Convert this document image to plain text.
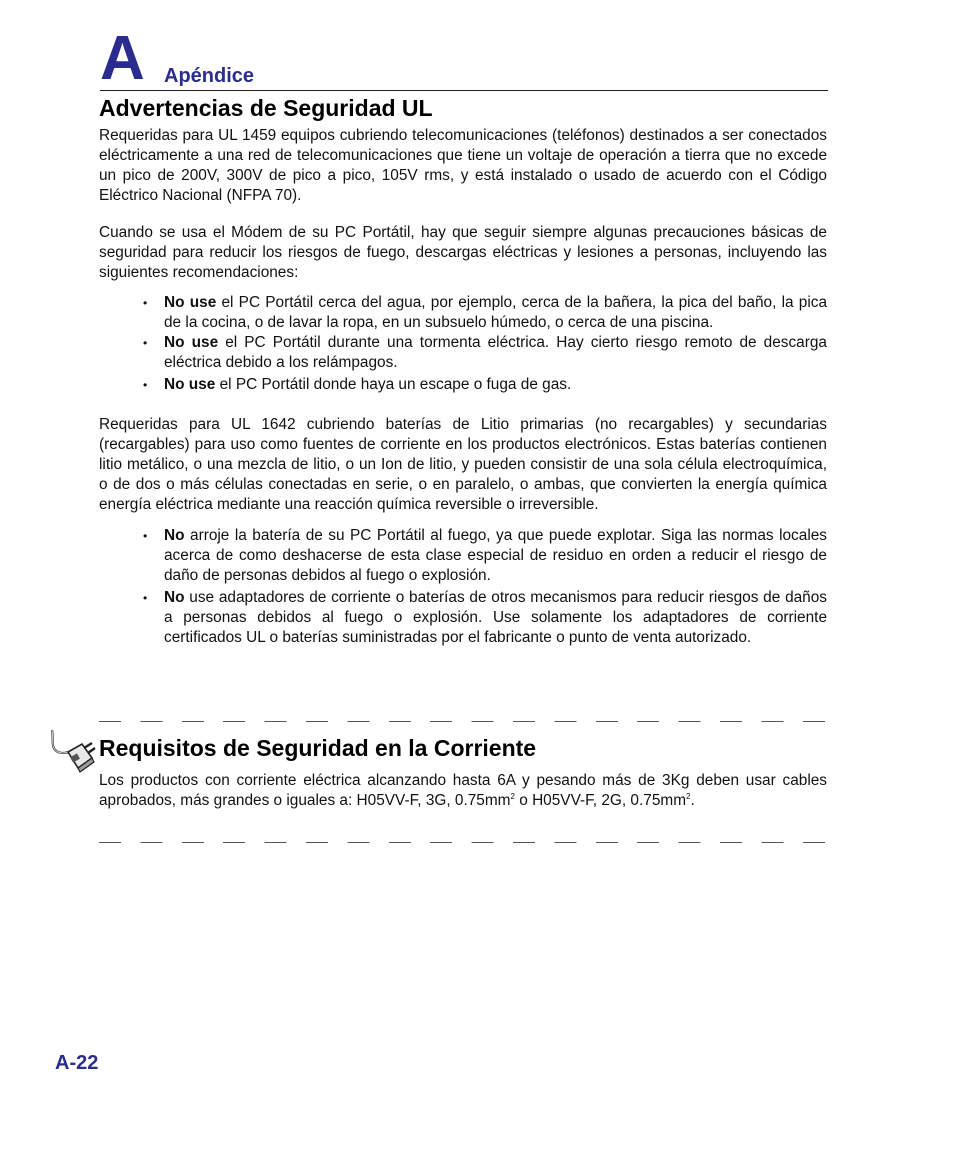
A Apéndice
Advertencias de Seguridad UL

Requeridas para UL 1459 equipos cubriendo telecomunicaciones (teléfonos) destinados a ser conectados eléctricamente a una red de telecomunicaciones que tiene un voltaje de operación a tierra que no excede un pico de 200V, 300V de pico a pico, 105V rms, y está instalado o usado de acuerdo con el Código Eléctrico Nacional (NFPA 70).

Cuando se usa el Módem de su PC Portátil, hay que seguir siempre algunas precauciones básicas de seguridad para reducir los riesgos de fuego, descargas eléctricas y lesiones a personas, incluyendo las siguientes recomendaciones:

• No use el PC Portátil cerca del agua, por ejemplo, cerca de la bañera, la pica del baño, la pica de la cocina, o de lavar la ropa, en un subsuelo húmedo, o cerca de una piscina.
• No use el PC Portátil durante una tormenta eléctrica. Hay cierto riesgo remoto de descarga eléctrica debido a los relámpagos.
• No use el PC Portátil donde haya un escape o fuga de gas.

Requeridas para UL 1642 cubriendo baterías de Litio primarias (no recargables) y secundarias (recargables) para uso como fuentes de corriente en los productos electrónicos. Estas baterías contienen litio metálico, o una mezcla de litio, o un Ion de litio, y pueden consistir de una sola célula electroquímica, o de dos o más células conectadas en serie, o en paralelo, o ambas, que convierten la energía química energía eléctrica mediante una reacción química reversible o irreversible.

• No arroje la batería de su PC Portátil al fuego, ya que puede explotar. Siga las normas locales acerca de como deshacerse de esta clase especial de residuo en orden a reducir el riesgo de daño de personas debidos al fuego o explosión.
• No use adaptadores de corriente o baterías de otros mecanismos para reducir riesgos de daños a personas debidos al fuego o explosión. Use solamente los adaptadores de corriente certificados UL o baterías suministradas por el fabricante o punto de venta autorizado.
Requisitos de Seguridad en la Corriente

Los productos con corriente eléctrica alcanzando hasta 6A y pesando más de 3Kg deben usar cables aprobados, más grandes o iguales a: H05VV-F, 3G, $0.75mm^2$ o H05VV-F, 2G, $0.75mm^2$.

A-22
